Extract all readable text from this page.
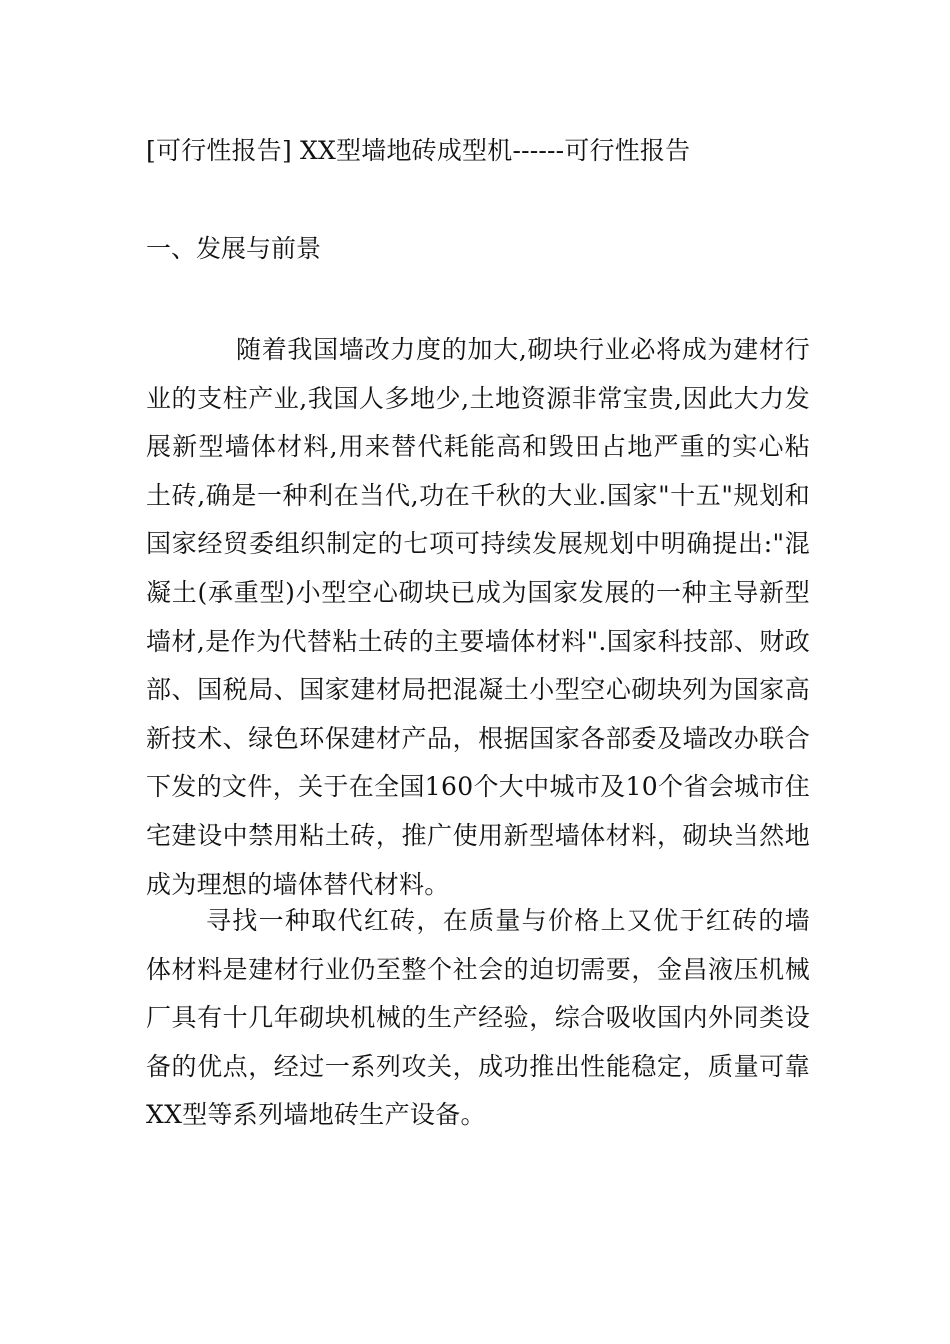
[可行性报告] XX型墙地砖成型机------可行性报告
一、发展与前景

随着我国墙改力度的加大,砌块行业必将成为建材行业的支柱产业,我国人多地少,土地资源非常宝贵,因此大力发展新型墙体材料,用来替代耗能高和毁田占地严重的实心粘土砖,确是一种利在当代,功在千秋的大业.国家"十五"规划和国家经贸委组织制定的七项可持续发展规划中明确提出:"混凝土(承重型)小型空心砌块已成为国家发展的一种主导新型墙材,是作为代替粘土砖的主要墙体材料".国家科技部、财政部、国税局、国家建材局把混凝土小型空心砌块列为国家高新技术、绿色环保建材产品，根据国家各部委及墙改办联合下发的文件，关于在全国160个大中城市及10个省会城市住宅建设中禁用粘土砖，推广使用新型墙体材料，砌块当然地成为理想的墙体替代材料。

寻找一种取代红砖，在质量与价格上又优于红砖的墙体材料是建材行业仍至整个社会的迫切需要，金昌液压机械厂具有十几年砌块机械的生产经验，综合吸收国内外同类设备的优点，经过一系列攻关，成功推出性能稳定，质量可靠XX型等系列墙地砖生产设备。
